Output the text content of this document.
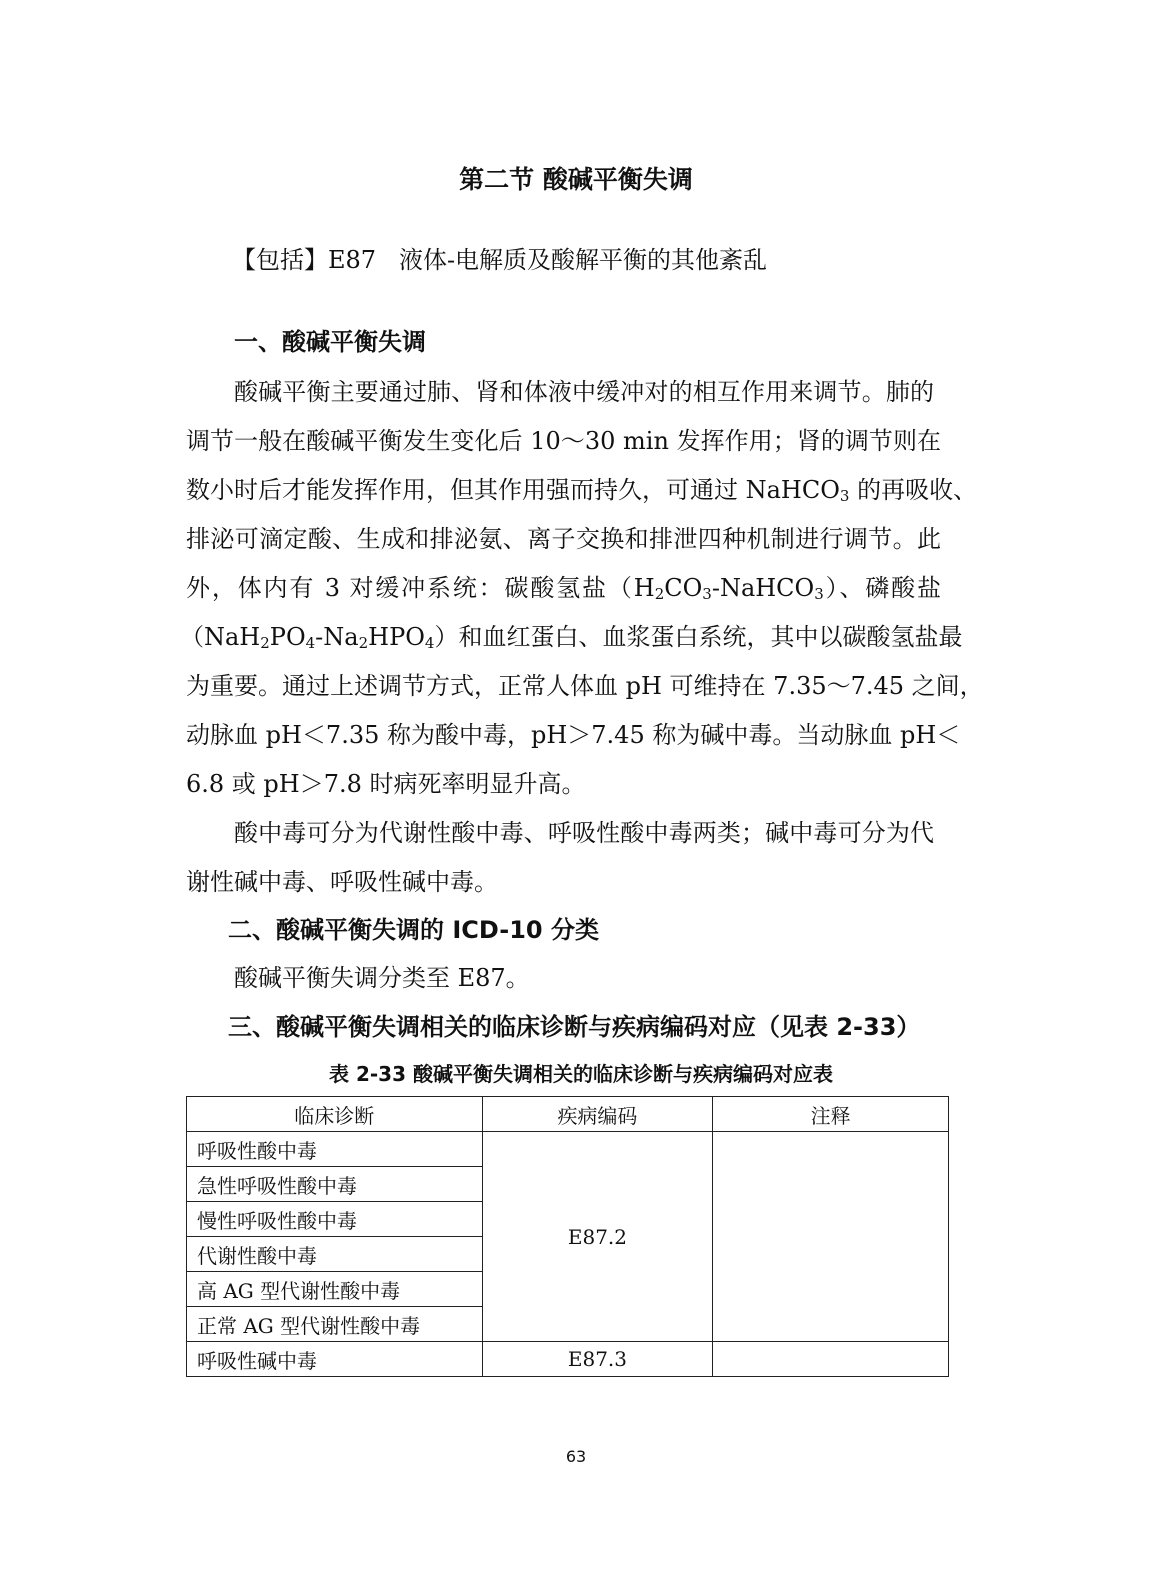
第二节 酸碱平衡失调
【包括】E87 液体-电解质及酸解平衡的其他紊乱
一、酸碱平衡失调
酸碱平衡主要通过肺、肾和体液中缓冲对的相互作用来调节。肺的
调节一般在酸碱平衡发生变化后 10～30 min 发挥作用；肾的调节则在
数小时后才能发挥作用，但其作用强而持久，可通过 NaHCO$_3$ 的再吸收、
排泌可滴定酸、生成和排泌氨、离子交换和排泄四种机制进行调节。此
外，体内有 3 对缓冲系统：碳酸氢盐$(H_2CO_3-NaHCO_3)$、磷酸盐
$(NaH_2PO_4-Na_2HPO_4)$和血红蛋白、血浆蛋白系统，其中以碳酸氢盐最
为重要。通过上述调节方式，正常人体血 pH 可维持在 7.35～7.45 之间，
动脉血 pH＜7.35 称为酸中毒，pH＞7.45 称为碱中毒。当动脉血 pH＜
6.8 或 pH＞7.8 时病死率明显升高。
酸中毒可分为代谢性酸中毒、呼吸性酸中毒两类；碱中毒可分为代
谢性碱中毒、呼吸性碱中毒。
二、酸碱平衡失调的 ICD-10 分类
酸碱平衡失调分类至 E87。
三、酸碱平衡失调相关的临床诊断与疾病编码对应（见表 2-33）
表 2-33 酸碱平衡失调相关的临床诊断与疾病编码对应表
临床诊断	疾病编码	注释
呼吸性酸中毒	E87.2	
急性呼吸性酸中毒		
慢性呼吸性酸中毒		
代谢性酸中毒		
高 AG 型代谢性酸中毒		
正常 AG 型代谢性酸中毒		
呼吸性碱中毒	E87.3	
63
